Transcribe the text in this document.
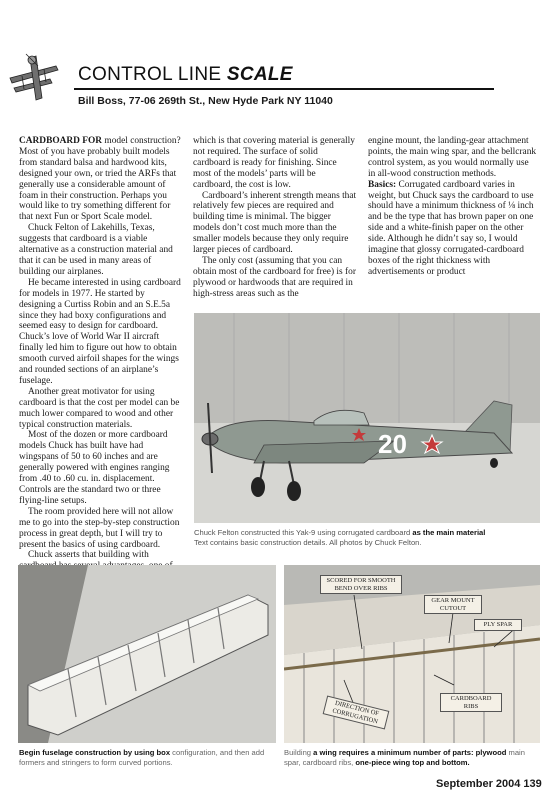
CONTROL LINE SCALE
Bill Boss, 77-06 269th St., New Hyde Park NY 11040

CARDBOARD FOR model construction? Most of you have probably built models from standard balsa and hardwood kits, designed your own, or tried the ARFs that generally use a considerable amount of foam in their construction. Perhaps you would like to try something different for that next Fun or Sport Scale model.

Chuck Felton of Lakehills, Texas, suggests that cardboard is a viable alternative as a construction material and that it can be used in many areas of building our airplanes.

He became interested in using cardboard for models in 1977. He started by designing a Curtiss Robin and an S.E.5a since they had boxy configurations and seemed easy to design for cardboard. Chuck’s love of World War II aircraft finally led him to figure out how to obtain smooth curved airfoil shapes for the wings and rounded sections of an airplane’s fuselage.

Another great motivator for using cardboard is that the cost per model can be much lower compared to wood and other typical construction materials.

Most of the dozen or more cardboard models Chuck has built have had wingspans of 50 to 60 inches and are generally powered with engines ranging from .40 to .60 cu. in. displacement. Controls are the standard two or three flying-line setups.

The room provided here will not allow me to go into the step-by-step construction process in great depth, but I will try to present the basics of using cardboard.

Chuck asserts that building with

which is that covering material is generally not required. The surface of solid cardboard is ready for finishing. Since most of the models’ parts will be cardboard, the cost is low.

Cardboard’s inherent strength means that relatively few pieces are required and building time is minimal. The bigger models don’t cost much more than the smaller models because they only require larger pieces of cardboard.

The only cost (assuming that you can obtain most of the cardboard for free) is for plywood or hardwoods that are required in high-stress areas such as the

engine mount, the landing-gear attachment points, the main wing spar, and the bellcrank control system, as you would normally use in all-wood construction methods.

Basics: Corrugated cardboard varies in weight, but Chuck says the cardboard to use should have a minimum thickness of ⅛ inch and be the type that has brown paper on one side and a white-finish paper on the other side. Although he didn’t say so, I would imagine that glossy corrugated-cardboard boxes of the right thickness with advertisements or product

20
Chuck Felton constructed this Yak-9 using corrugated cardboard as the main material
Text contains basic construction details. All photos by Chuck Felton.
Begin fuselage construction by using box configuration, and then add formers and stringers to form curved portions.
SCORED FOR SMOOTH BEND OVER RIBS
GEAR MOUNT CUTOUT
PLY SPAR
CARDBOARD RIBS
DIRECTION OF CORRUGATION
Building a wing requires a minimum number of parts: plywood main spar, cardboard ribs, one-piece wing top and bottom.
September 2004 139
